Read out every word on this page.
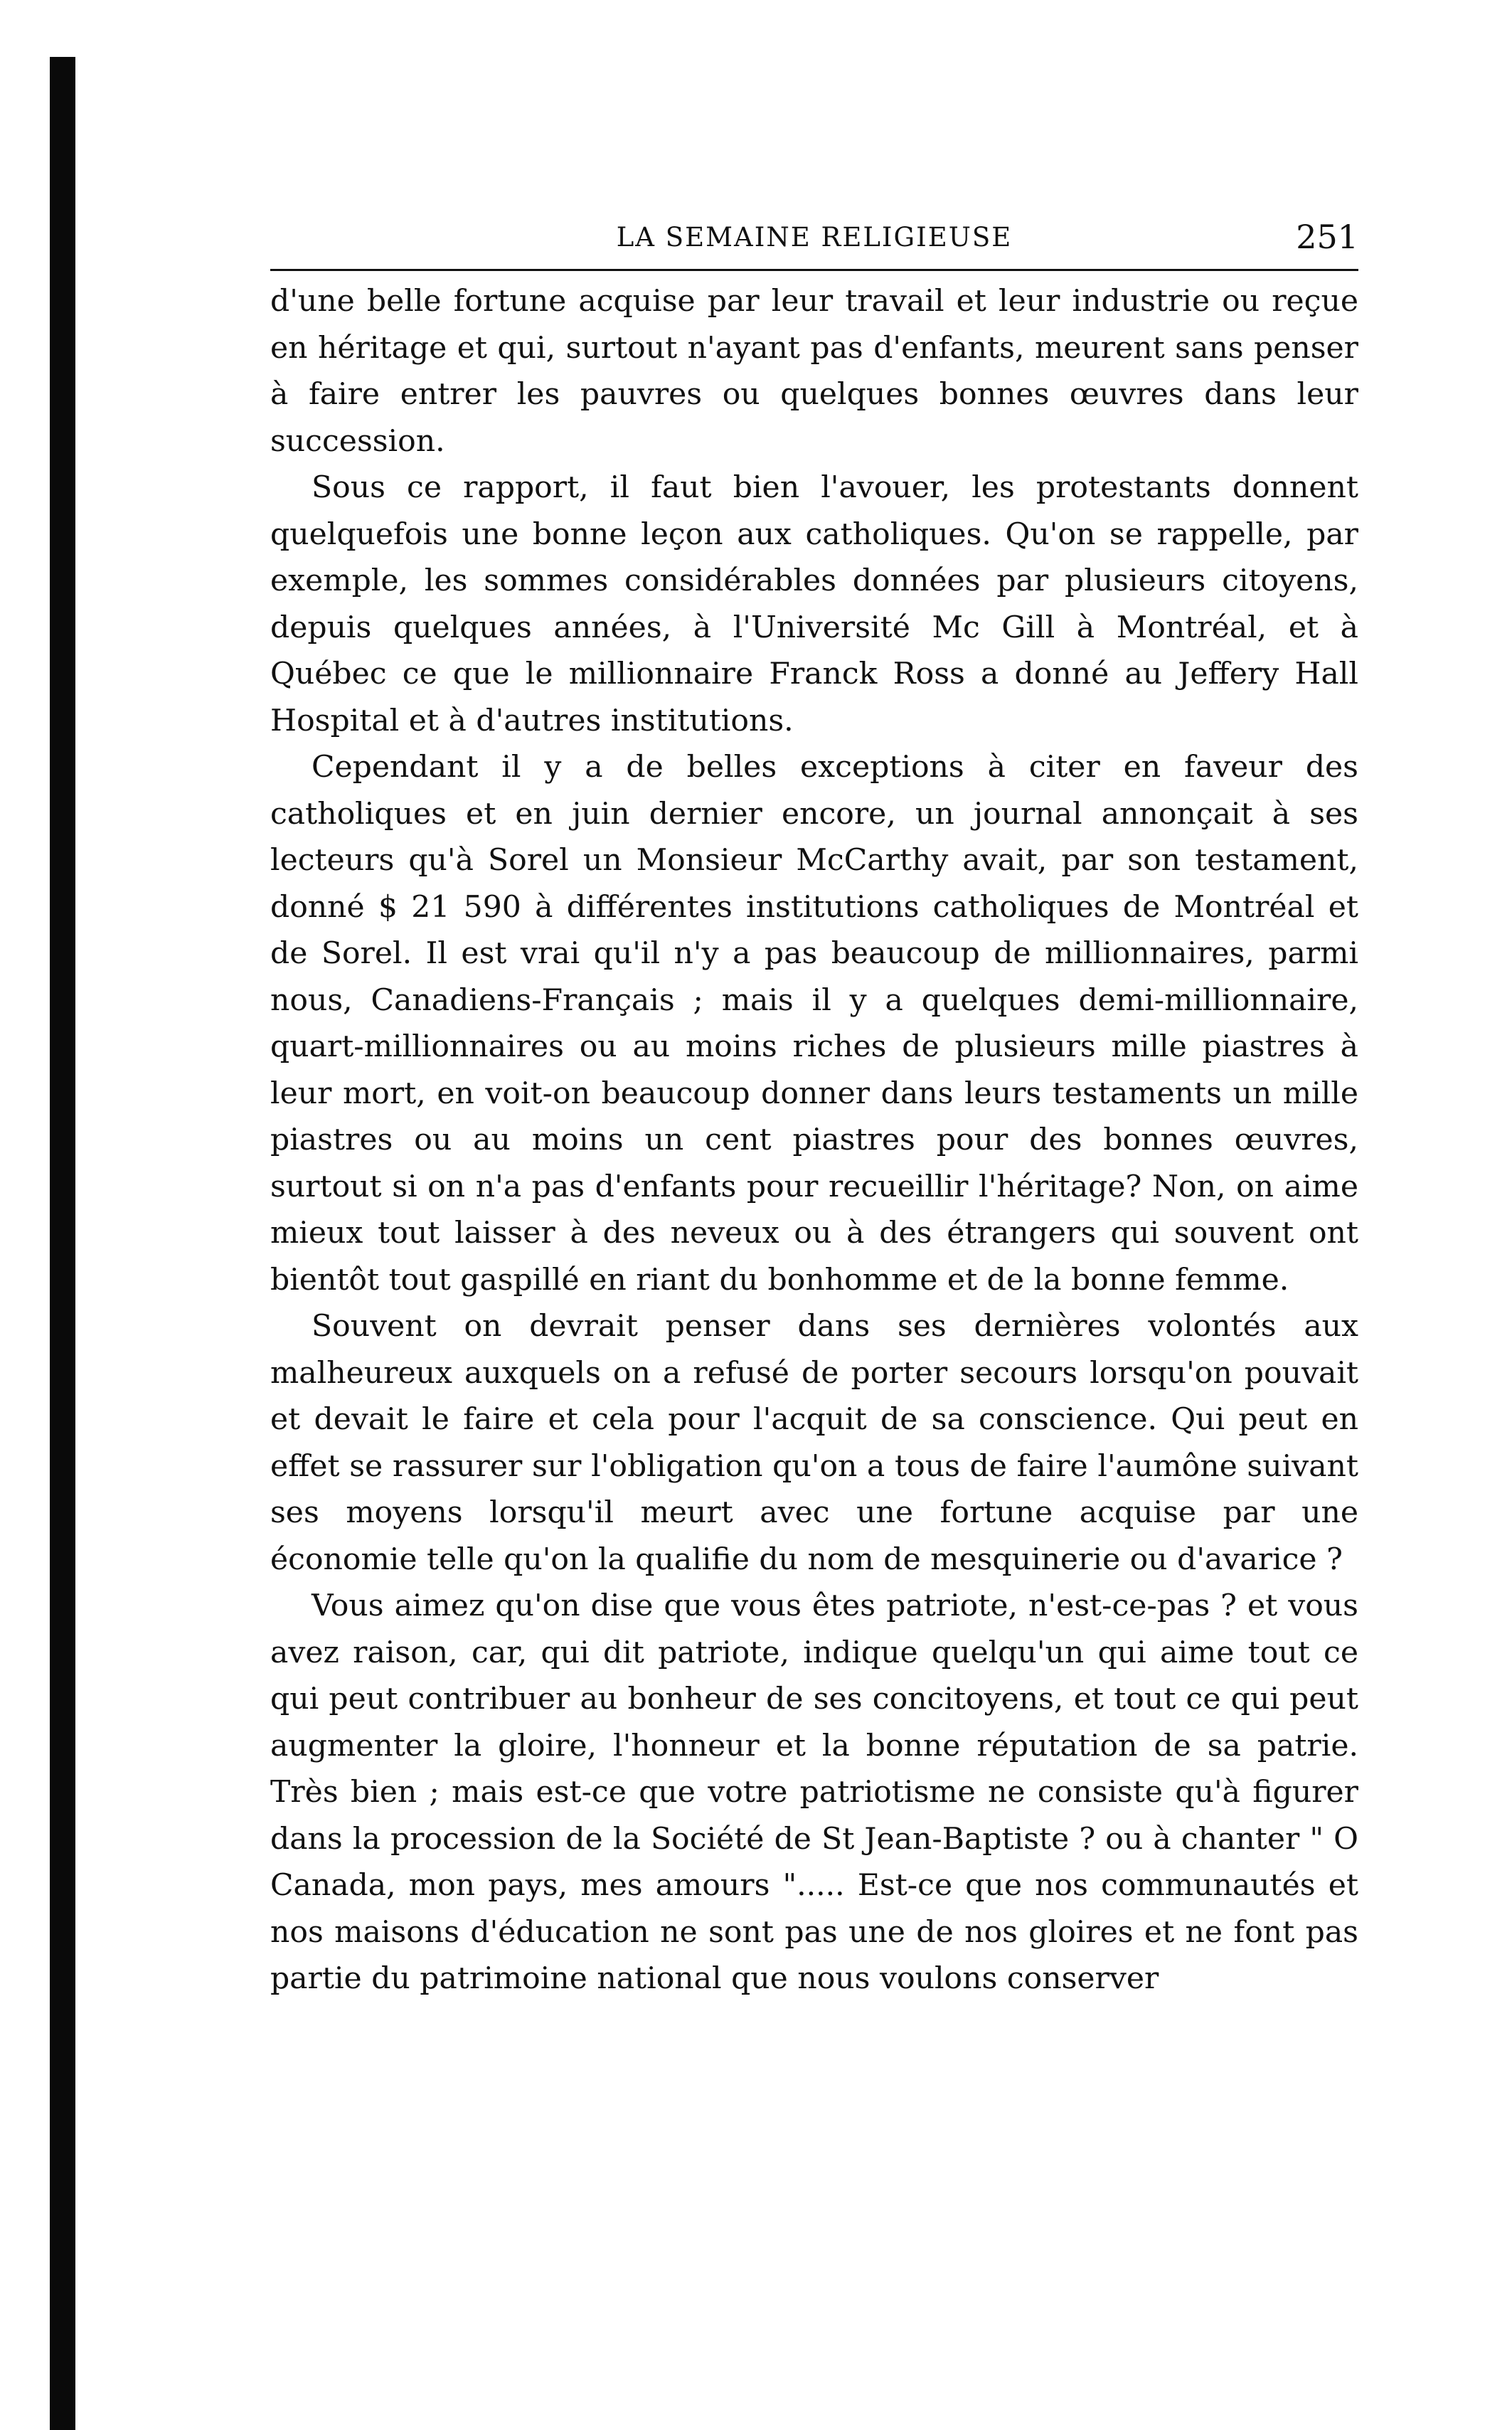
LA SEMAINE RELIGIEUSE	251

d'une belle fortune acquise par leur travail et leur industrie ou reçue en héritage et qui, surtout n'ayant pas d'enfants, meurent sans penser à faire entrer les pauvres ou quelques bonnes œuvres dans leur succession.

Sous ce rapport, il faut bien l'avouer, les protestants donnent quelquefois une bonne leçon aux catholiques. Qu'on se rappelle, par exemple, les sommes considérables données par plusieurs citoyens, depuis quelques années, à l'Université Mc Gill à Montréal, et à Québec ce que le millionnaire Franck Ross a donné au Jeffery Hall Hospital et à d'autres institutions.

Cependant il y a de belles exceptions à citer en faveur des catholiques et en juin dernier encore, un journal annonçait à ses lecteurs qu'à Sorel un Monsieur McCarthy avait, par son testament, donné $ 21 590 à différentes institutions catholiques de Montréal et de Sorel. Il est vrai qu'il n'y a pas beaucoup de millionnaires, parmi nous, Canadiens-Français ; mais il y a quelques demi-millionnaire, quart-millionnaires ou au moins riches de plusieurs mille piastres à leur mort, en voit-on beaucoup donner dans leurs testaments un mille piastres ou au moins un cent piastres pour des bonnes œuvres, surtout si on n'a pas d'enfants pour recueillir l'héritage? Non, on aime mieux tout laisser à des neveux ou à des étrangers qui souvent ont bientôt tout gaspillé en riant du bonhomme et de la bonne femme.

Souvent on devrait penser dans ses dernières volontés aux malheureux auxquels on a refusé de porter secours lorsqu'on pouvait et devait le faire et cela pour l'acquit de sa conscience. Qui peut en effet se rassurer sur l'obligation qu'on a tous de faire l'aumône suivant ses moyens lorsqu'il meurt avec une fortune acquise par une économie telle qu'on la qualifie du nom de mesquinerie ou d'avarice ?

Vous aimez qu'on dise que vous êtes patriote, n'est-ce-pas ? et vous avez raison, car, qui dit patriote, indique quelqu'un qui aime tout ce qui peut contribuer au bonheur de ses concitoyens, et tout ce qui peut augmenter la gloire, l'honneur et la bonne réputation de sa patrie. Très bien ; mais est-ce que votre patriotisme ne consiste qu'à figurer dans la procession de la Société de St Jean-Baptiste ? ou à chanter " O Canada, mon pays, mes amours "..... Est-ce que nos communautés et nos maisons d'éducation ne sont pas une de nos gloires et ne font pas partie du patrimoine national que nous voulons conserver
